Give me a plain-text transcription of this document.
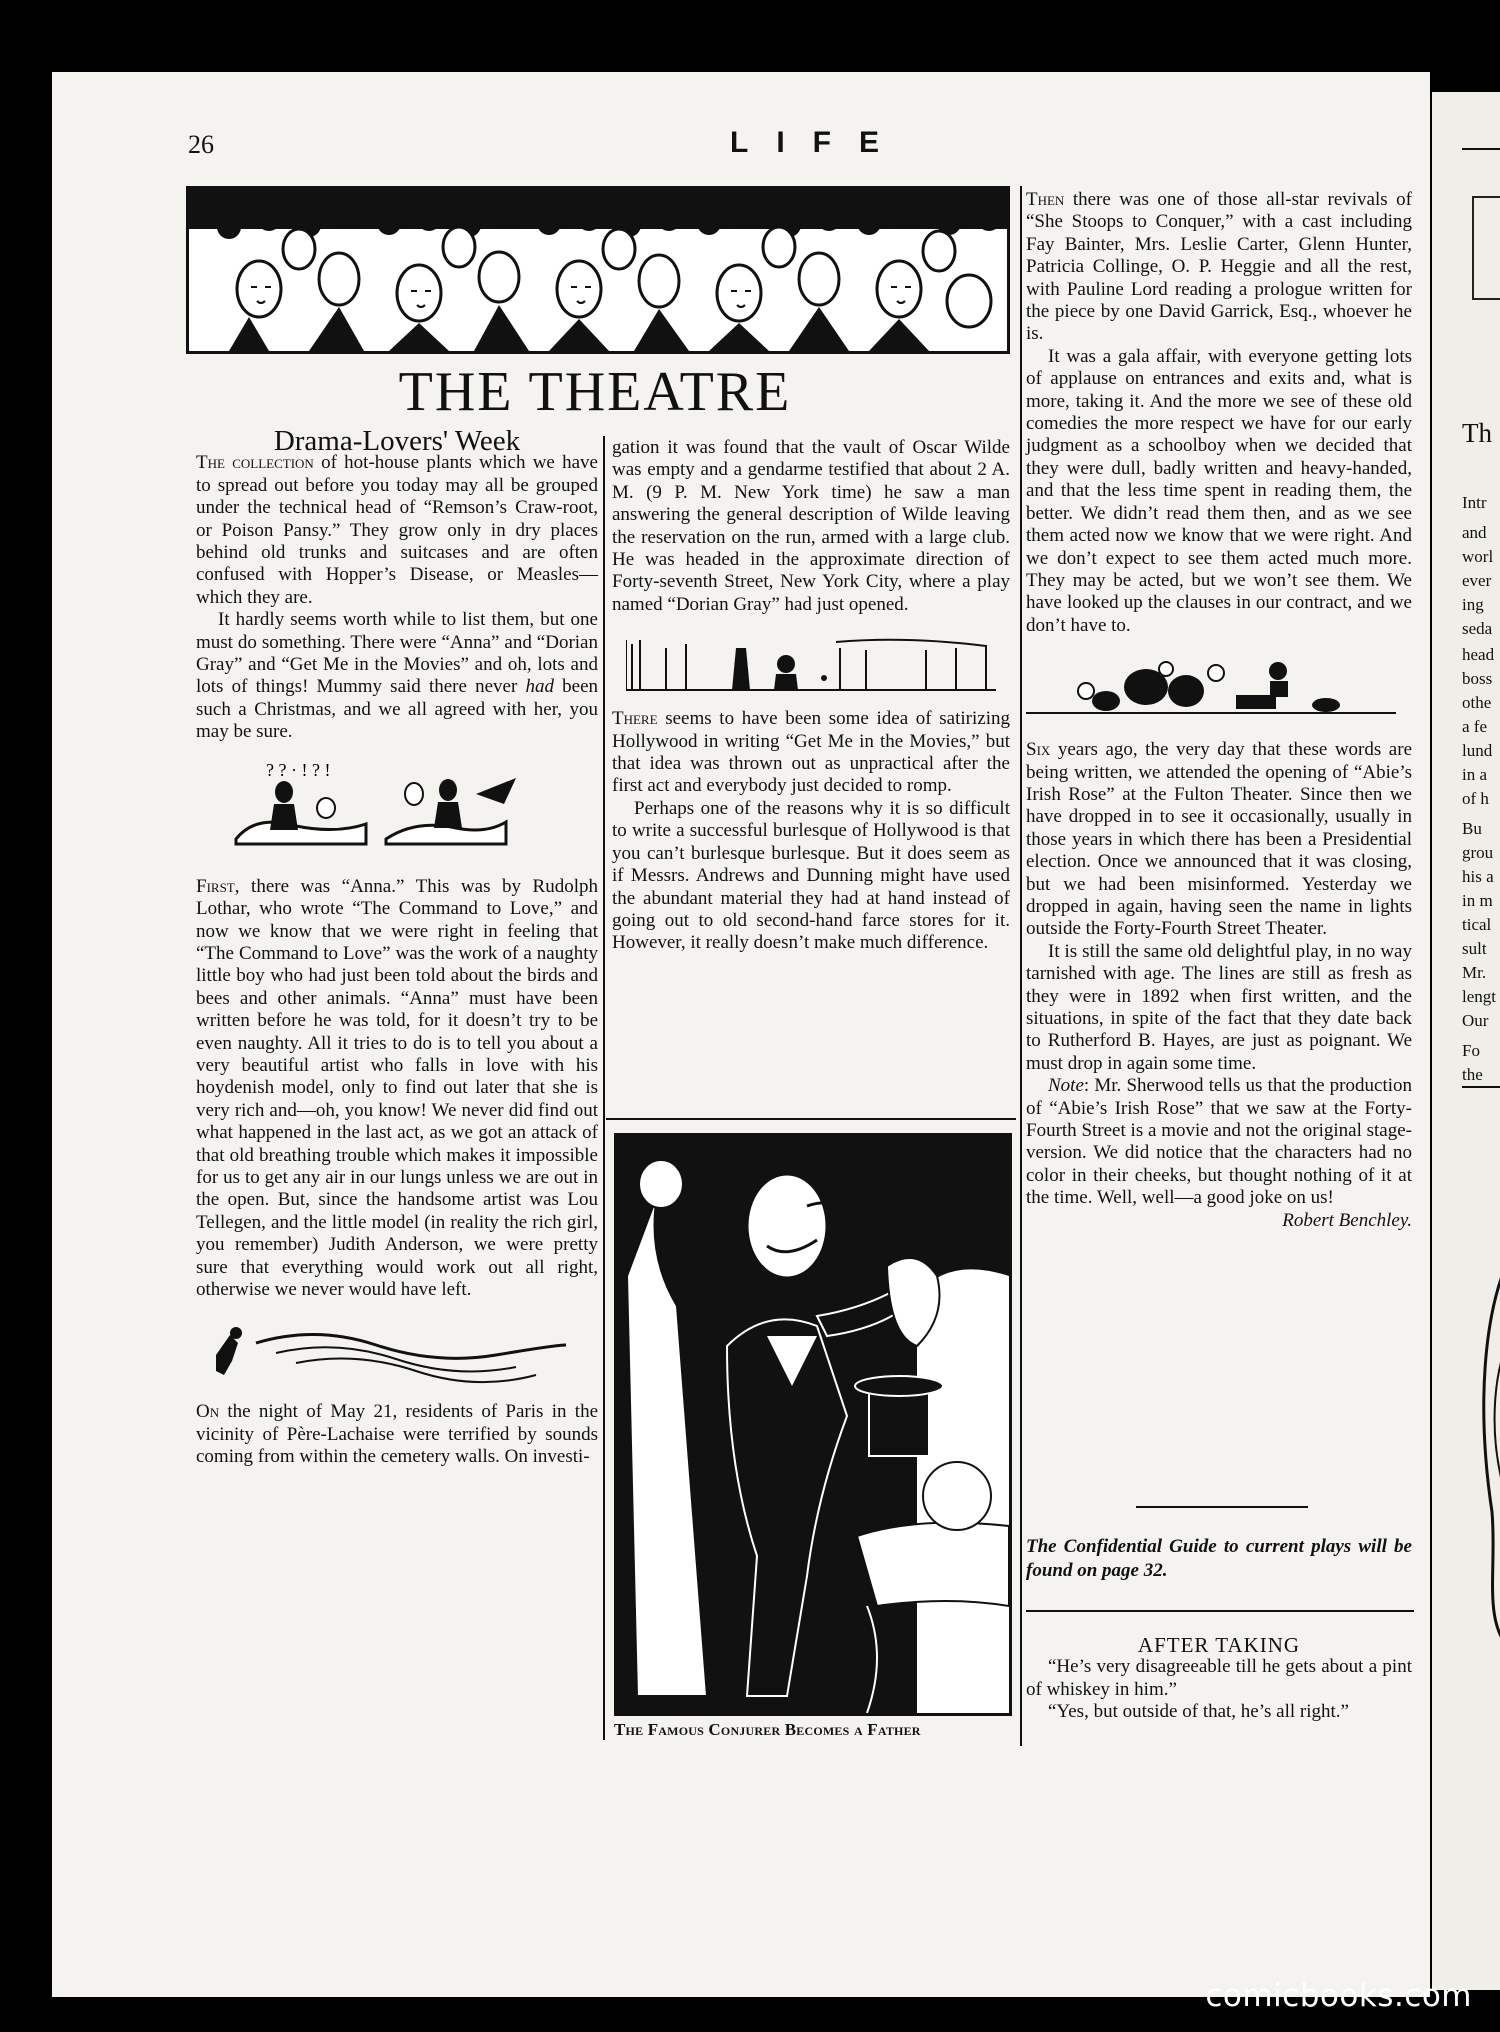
Th
Intr
and
worl
ever
ing
seda
head
boss
othe
a fe
lund
in a
of h
Bu
grou
his a
in m
tical
sult
Mr.
lengt
Our
Fo
the
26	LIFE
THE THEATRE

Drama-Lovers' Week

The collection of hot-house plants which we have to spread out before you today may all be grouped under the technical head of “Remson’s Craw-root, or Poison Pansy.” They grow only in dry places behind old trunks and suitcases and are often confused with Hopper’s Disease, or Measles—which they are.

It hardly seems worth while to list them, but one must do something. There were “Anna” and “Dorian Gray” and “Get Me in the Movies” and oh, lots and lots of things! Mummy said there never had been such a Christmas, and we all agreed with her, you may be sure.

? ? · ! ? !

First, there was “Anna.” This was by Rudolph Lothar, who wrote “The Command to Love,” and now we know that we were right in feeling that “The Command to Love” was the work of a naughty little boy who had just been told about the birds and bees and other animals. “Anna” must have been written before he was told, for it doesn’t try to be even naughty. All it tries to do is to tell you about a very beautiful artist who falls in love with his hoydenish model, only to find out later that she is very rich and—oh, you know! We never did find out what happened in the last act, as we got an attack of that old breathing trouble which makes it impossible for us to get any air in our lungs unless we are out in the open. But, since the handsome artist was Lou Tellegen, and the little model (in reality the rich girl, you remember) Judith Anderson, we were pretty sure that everything would work out all right, otherwise we never would have left.

On the night of May 21, residents of Paris in the vicinity of Père-Lachaise were terrified by sounds coming from within the cemetery walls. On investi-

gation it was found that the vault of Oscar Wilde was empty and a gendarme testified that about 2 A. M. (9 P. M. New York time) he saw a man answering the general description of Wilde leaving the reservation on the run, armed with a large club. He was headed in the approximate direction of Forty-seventh Street, New York City, where a play named “Dorian Gray” had just opened.

There seems to have been some idea of satirizing Hollywood in writing “Get Me in the Movies,” but that idea was thrown out as unpractical after the first act and everybody just decided to romp.

Perhaps one of the reasons why it is so difficult to write a successful burlesque of Hollywood is that you can’t burlesque burlesque. But it does seem as if Messrs. Andrews and Dunning might have used the abundant material they had at hand instead of going out to old second-hand farce stores for it. However, it really doesn’t make much difference.

The Famous Conjurer Becomes a Father

Then there was one of those all-star revivals of “She Stoops to Conquer,” with a cast including Fay Bainter, Mrs. Leslie Carter, Glenn Hunter, Patricia Collinge, O. P. Heggie and all the rest, with Pauline Lord reading a prologue written for the piece by one David Garrick, Esq., whoever he is.

It was a gala affair, with everyone getting lots of applause on entrances and exits and, what is more, taking it. And the more we see of these old comedies the more respect we have for our early judgment as a schoolboy when we decided that they were dull, badly written and heavy-handed, and that the less time spent in reading them, the better. We didn’t read them then, and as we see them acted now we know that we were right. And we don’t expect to see them acted much more. They may be acted, but we won’t see them. We have looked up the clauses in our contract, and we don’t have to.

Six years ago, the very day that these words are being written, we attended the opening of “Abie’s Irish Rose” at the Fulton Theater. Since then we have dropped in to see it occasionally, usually in those years in which there has been a Presidential election. Once we announced that it was closing, but we had been misinformed. Yesterday we dropped in again, having seen the name in lights outside the Forty-Fourth Street Theater.

It is still the same old delightful play, in no way tarnished with age. The lines are still as fresh as they were in 1892 when first written, and the situations, in spite of the fact that they date back to Rutherford B. Hayes, are just as poignant. We must drop in again some time.

Note: Mr. Sherwood tells us that the production of “Abie’s Irish Rose” that we saw at the Forty-Fourth Street is a movie and not the original stage-version. We did notice that the characters had no color in their cheeks, but thought nothing of it at the time. Well, well—a good joke on us!
Robert Benchley.

The Confidential Guide to current plays will be found on page 32.

AFTER TAKING

“He’s very disagreeable till he gets about a pint of whiskey in him.”

“Yes, but outside of that, he’s all right.”

comicbooks.com
